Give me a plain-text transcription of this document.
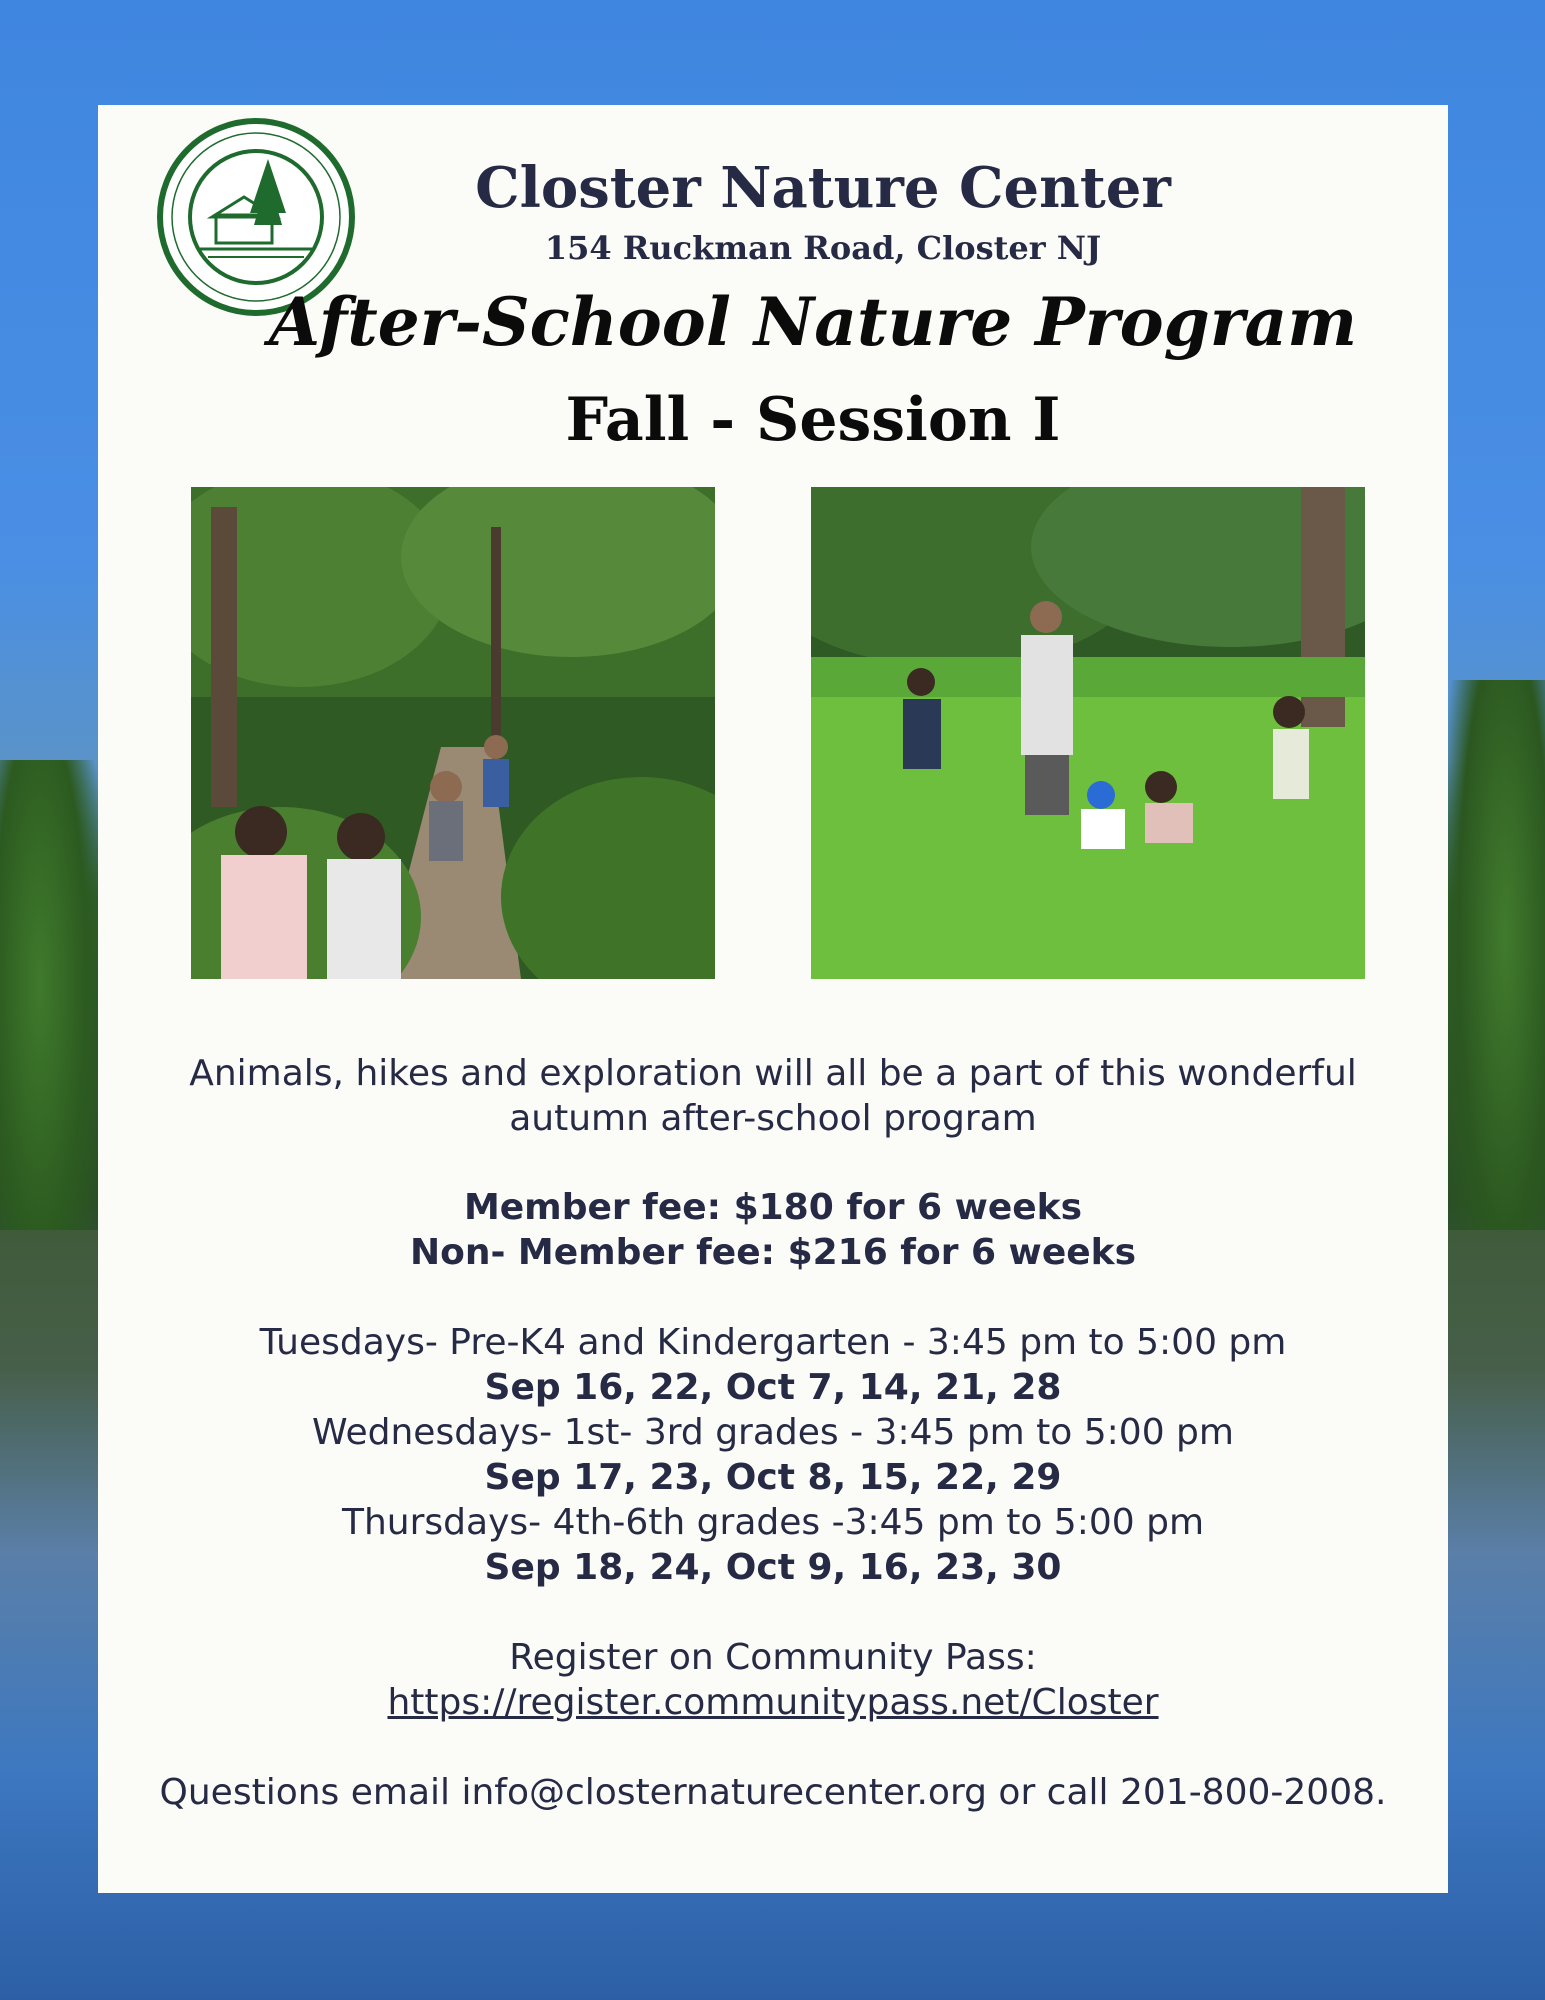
Closter Nature Center
154 Ruckman Road, Closter NJ
After-School Nature Program
Fall - Session I

Animals, hikes and exploration will all be a part of this wonderful

autumn after-school program

Member fee: $180 for 6 weeks

Non- Member fee: $216 for 6 weeks

Tuesdays- Pre-K4 and Kindergarten - 3:45 pm to 5:00 pm

Sep 16, 22, Oct 7, 14, 21, 28

Wednesdays- 1st- 3rd grades - 3:45 pm to 5:00 pm

Sep 17, 23, Oct 8, 15, 22, 29

Thursdays- 4th-6th grades -3:45 pm to 5:00 pm

Sep 18, 24, Oct 9, 16, 23, 30

Register on Community Pass:

https://register.communitypass.net/Closter

Questions email info@closternaturecenter.org or call 201-800-2008.
